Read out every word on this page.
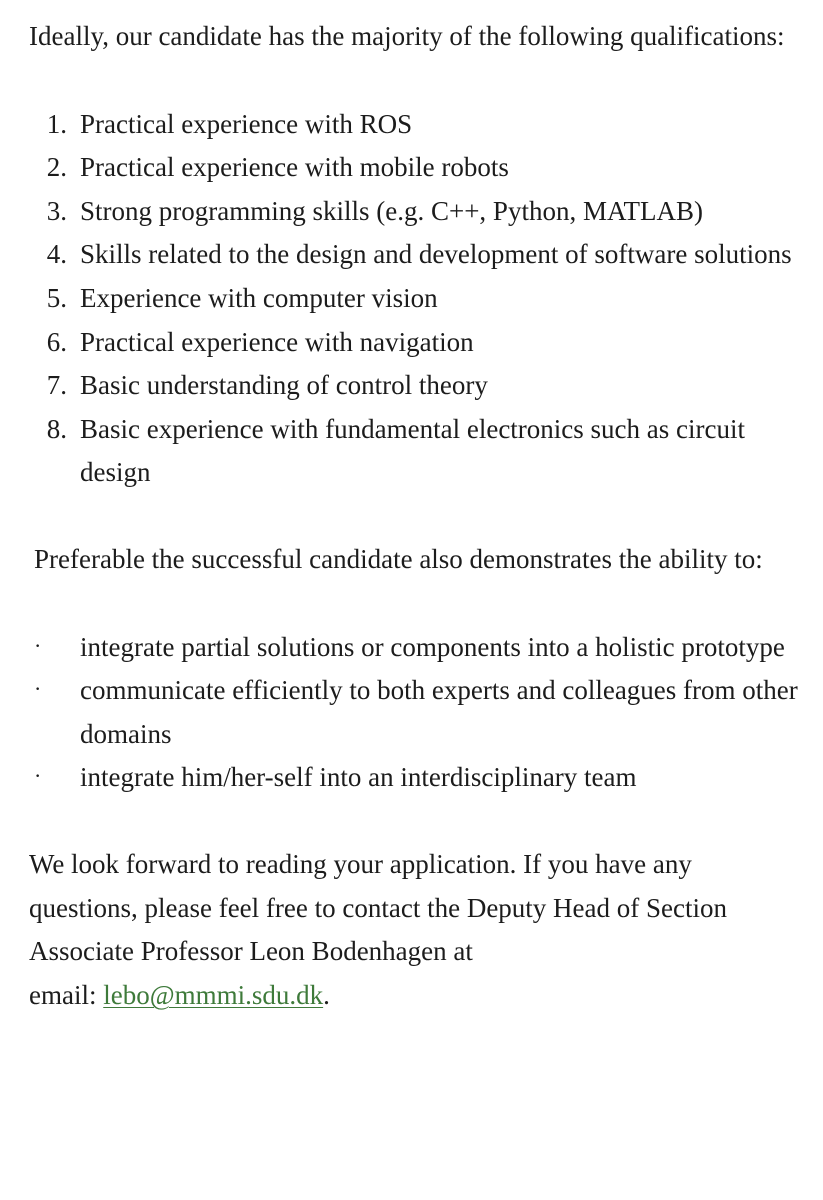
Ideally, our candidate has the majority of the following qualifications:

1. Practical experience with ROS
2. Practical experience with mobile robots
3. Strong programming skills (e.g. C++, Python, MATLAB)
4. Skills related to the design and development of software solutions
5. Experience with computer vision
6. Practical experience with navigation
7. Basic understanding of control theory
8. Basic experience with fundamental electronics such as circuit design

Preferable the successful candidate also demonstrates the ability to:

· integrate partial solutions or components into a holistic prototype
· communicate efficiently to both experts and colleagues from other domains
· integrate him/her-self into an interdisciplinary team

We look forward to reading your application. If you have any questions, please feel free to contact the Deputy Head of Section Associate Professor Leon Bodenhagen at
email: lebo@mmmi.sdu.dk.
